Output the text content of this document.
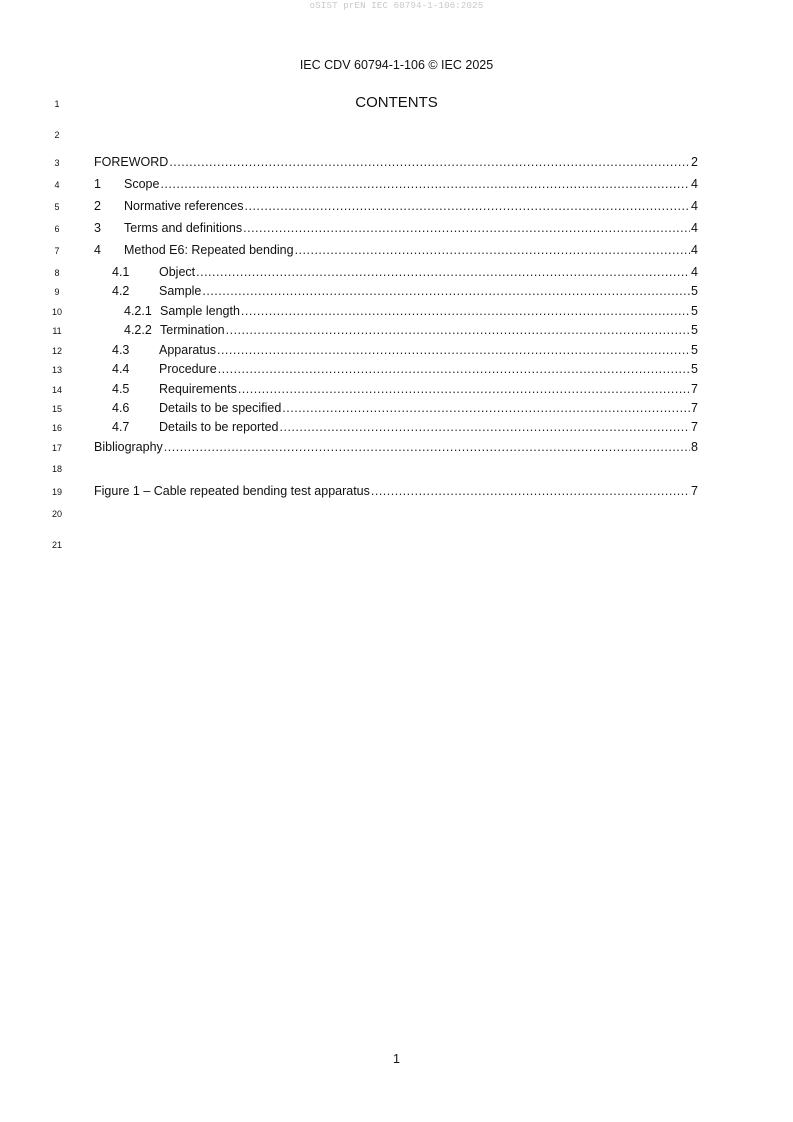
oSIST prEN IEC 60794-1-106:2025
IEC CDV 60794-1-106 © IEC 2025
1
2
3
4
5
6
7
8
9
10
11
12
13
14
15
16
17
18
19
20
21
CONTENTS
FOREWORD .....	2
1	Scope .....	4
2	Normative references .....	4
3	Terms and definitions .....	4
4	Method E6: Repeated bending .....	4
4.1	Object .....	4
4.2	Sample .....	5
4.2.1 Sample length .....	5
4.2.2 Termination .....	5
4.3	Apparatus .....	5
4.4	Procedure .....	5
4.5	Requirements .....	7
4.6	Details to be specified .....	7
4.7	Details to be reported .....	7
Bibliography .....	8
Figure 1 – Cable repeated bending test apparatus .....	7
1
